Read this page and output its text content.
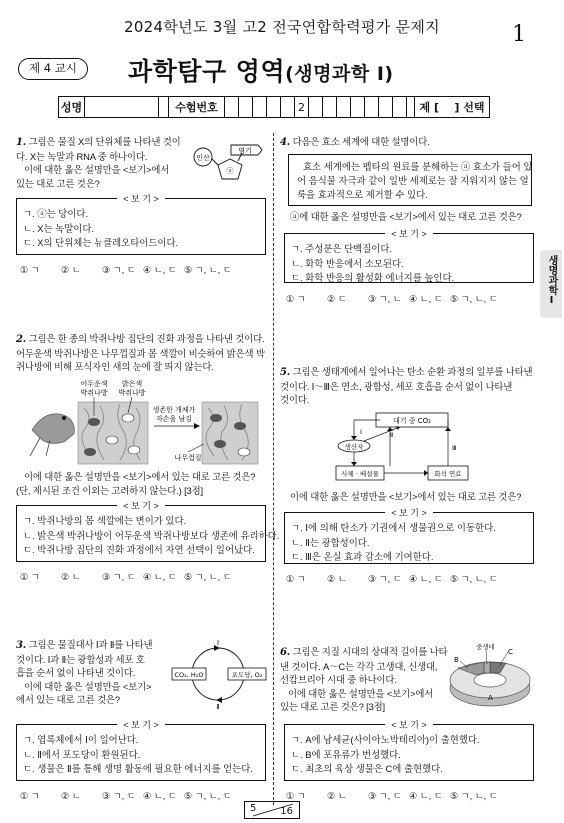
2024학년도 3월 고2 전국연합학력평가 문제지	1
제 4 교시	과학탐구 영역(생명과학 Ⅰ)
성명	수험번호	2	제 [    ] 선택
생명과학Ⅰ

1. 그림은 물질 X의 단위체를 나타낸 것이

다. X는 녹말과 RNA 중 하나이다.

이에 대한 옳은 설명만을 <보기>에서

있는 대로 고른 것은?

인산
ⓐ
염기
< 보 기 >

ㄱ. ⓐ는 당이다.

ㄴ. X는 녹말이다.

ㄷ. X의 단위체는 뉴클레오타이드이다.

① ㄱ	② ㄴ	③ ㄱ, ㄷ ④ ㄴ, ㄷ ⑤ ㄱ, ㄴ, ㄷ

2. 그림은 한 종의 박쥐나방 집단의 진화 과정을 나타낸 것이다.

어두운색 박쥐나방은 나무껍질과 몸 색깔이 비슷하여 밝은색 박

쥐나방에 비해 포식자인 새의 눈에 잘 띄지 않는다.

어두운색
박쥐나방
밝은색
박쥐나방
생존한 개체가
자손을 남김
나무껍질

이에 대한 옳은 설명만을 <보기>에서 있는 대로 고른 것은?

(단, 제시된 조건 이외는 고려하지 않는다.) [3점]

< 보 기 >

ㄱ. 박쥐나방의 몸 색깔에는 변이가 있다.

ㄴ. 밝은색 박쥐나방이 어두운색 박쥐나방보다 생존에 유리하다.

ㄷ. 박쥐나방 집단의 진화 과정에서 자연 선택이 일어났다.

① ㄱ	② ㄴ	③ ㄱ, ㄷ ④ ㄴ, ㄷ ⑤ ㄱ, ㄴ, ㄷ

3. 그림은 물질대사 Ⅰ과 Ⅱ를 나타낸

것이다. Ⅰ과 Ⅱ는 광합성과 세포 호

흡을 순서 없이 나타낸 것이다.

이에 대한 옳은 설명만을 <보기>

에서 있는 대로 고른 것은?

Ⅰ
CO₂, H₂O	포도당, O₂
Ⅱ
< 보 기 >

ㄱ. 엽록체에서 Ⅰ이 일어난다.

ㄴ. Ⅱ에서 포도당이 환원된다.

ㄷ. 생물은 Ⅱ를 통해 생명 활동에 필요한 에너지를 얻는다.

① ㄱ	② ㄴ	③ ㄱ, ㄷ ④ ㄴ, ㄷ ⑤ ㄱ, ㄴ, ㄷ

4. 다음은 효소 세계에 대한 설명이다.

효소 세계에는 펩타의 원료를 분해하는 ⓐ 효소가 들어 있

어 음식물 자극과 같이 일반 세제로는 잘 지워지지 않는 얼

룩을 효과적으로 제거할 수 있다.

ⓐ에 대한 옳은 설명만을 <보기>에서 있는 대로 고른 것은?

< 보 기 >

ㄱ. 주성분은 단백질이다.

ㄴ. 화학 반응에서 소모된다.

ㄷ. 화학 반응의 활성화 에너지를 높인다.

① ㄱ	② ㄷ	③ ㄱ, ㄴ ④ ㄴ, ㄷ ⑤ ㄱ, ㄴ, ㄷ

5. 그림은 생태계에서 일어나는 탄소 순환 과정의 일부를 나타낸

것이다. Ⅰ～Ⅲ은 연소, 광합성, 세포 호흡을 순서 없이 나타낸

것이다.

대기 중 CO₂
생산자
사체 · 배설물	화석 연료
Ⅰ	Ⅱ
Ⅲ

이에 대한 옳은 설명만을 <보기>에서 있는 대로 고른 것은?

< 보 기 >

ㄱ. Ⅰ에 의해 탄소가 기권에서 생물권으로 이동한다.

ㄴ. Ⅱ는 광합성이다.

ㄷ. Ⅲ은 온실 효과 감소에 기여한다.

① ㄱ	② ㄴ	③ ㄱ, ㄷ ④ ㄴ, ㄷ ⑤ ㄱ, ㄴ, ㄷ

6. 그림은 지질 시대의 상대적 길이를 나타

낸 것이다. A～C는 각각 고생대, 신생대,

선캄브리아 시대 중 하나이다.

이에 대한 옳은 설명만을 <보기>에서

있는 대로 고른 것은? [3점]

중생대
C
B
A
< 보 기 >

ㄱ. A에 남세균(사이아노박테리아)이 출현했다.

ㄴ. B에 포유류가 번성했다.

ㄷ. 최초의 육상 생물은 C에 출현했다.

① ㄱ	② ㄴ	③ ㄱ, ㄷ ④ ㄴ, ㄷ ⑤ ㄱ, ㄴ, ㄷ
5 16
